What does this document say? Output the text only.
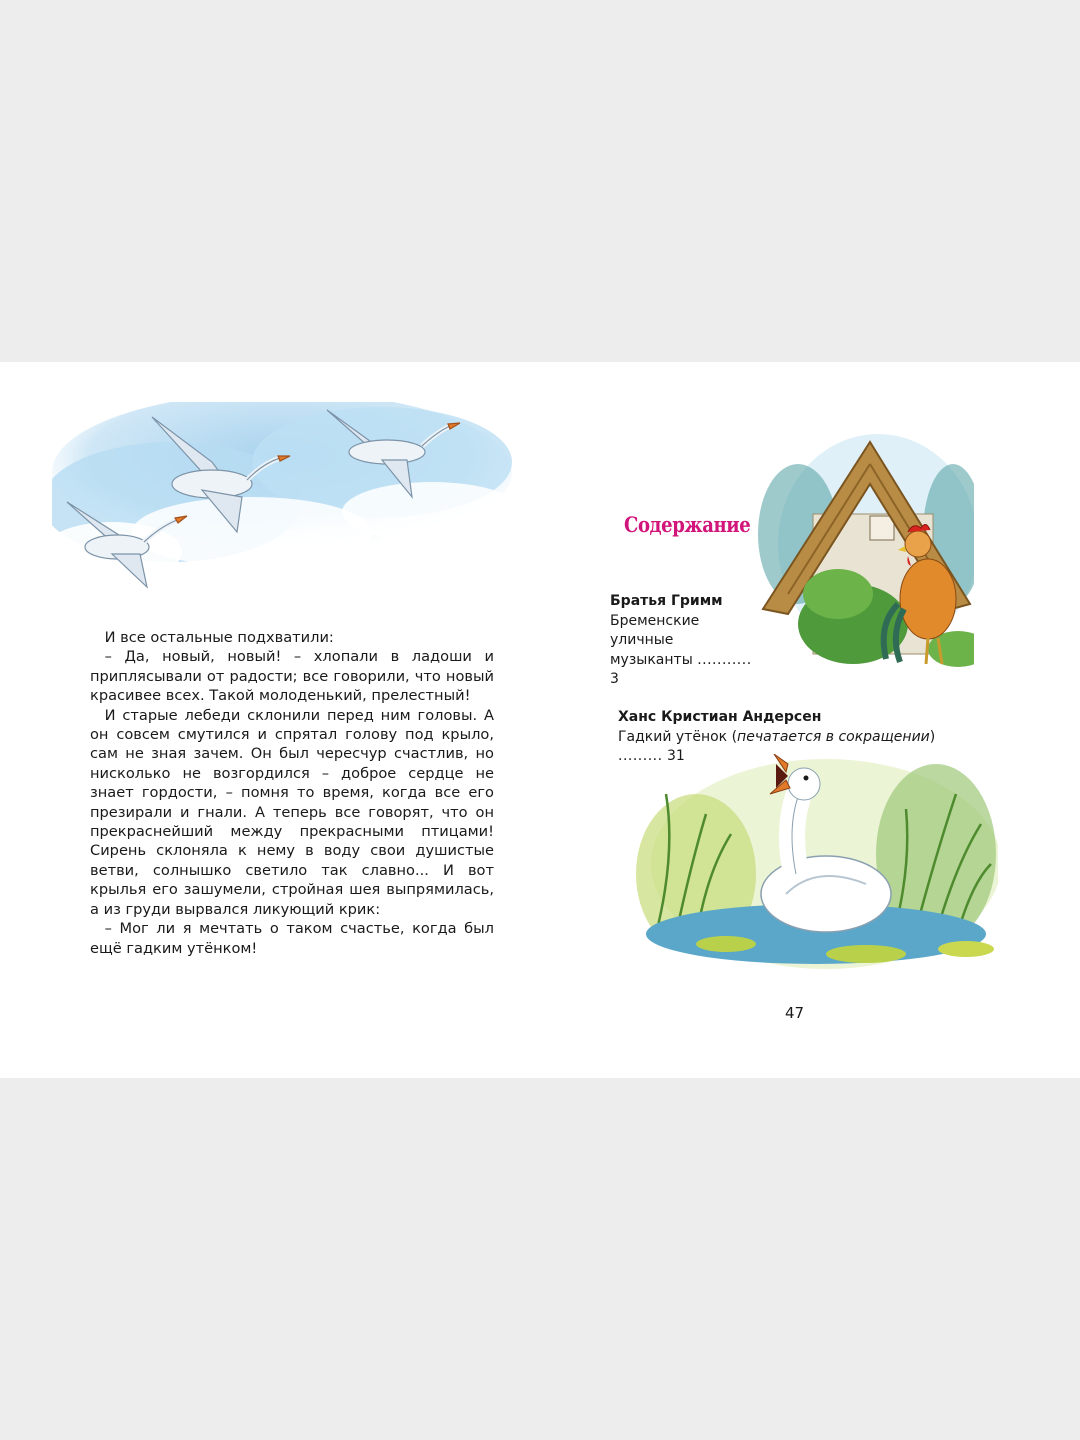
 И все остальные подхватили:

 – Да, новый, новый! – хлопали в ладоши и приплясывали от радости; все говорили, что новый красивее всех. Такой молоденький, прелестный!

 И старые лебеди склонили перед ним головы. А он совсем смутился и спрятал голову под крыло, сам не зная зачем. Он был чересчур счастлив, но нисколько не возгордился – доброе сердце не знает гордости, – помня то время, когда все его презирали и гнали. А теперь все говорят, что он прекраснейший между прекрасными птицами! Сирень склоняла к нему в воду свои душистые ветви, солнышко светило так славно... И вот крылья его зашумели, стройная шея выпрямилась, а из груди вырвался ликующий крик:

 – Мог ли я мечтать о таком счастье, когда был ещё гадким утёнком!

Содержание
Братья Гримм
Бременские
уличные
музыканты ........... 3
Ханс Кристиан Андерсен
Гадкий утёнок (печатается в сокращении) ......... 31
47
